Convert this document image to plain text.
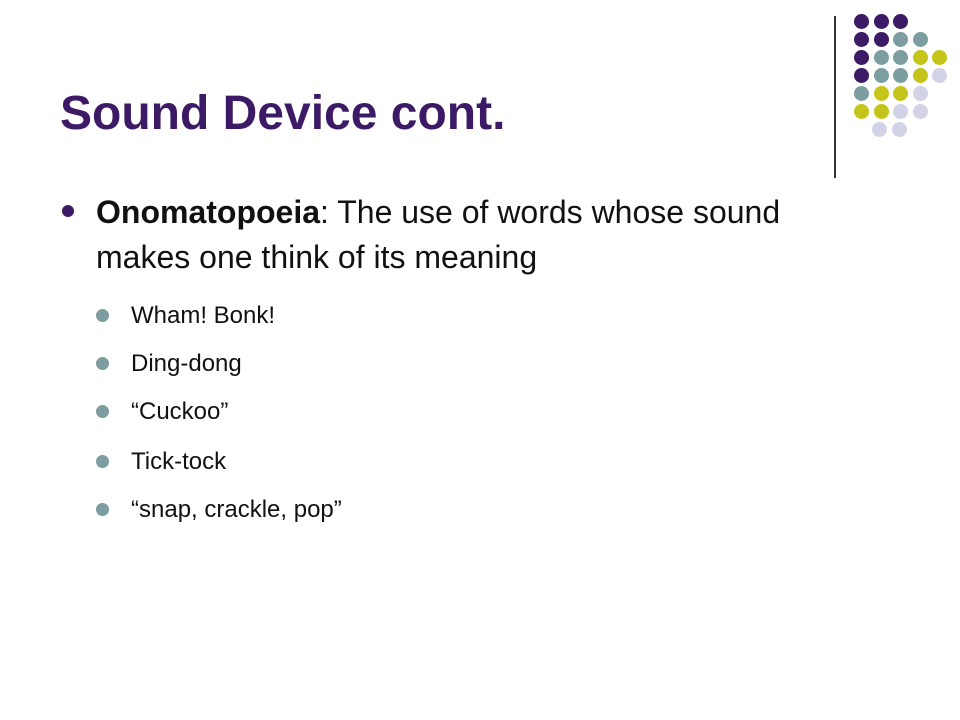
Sound Device cont.
Onomatopoeia: The use of words whose sound makes one think of its meaning
Wham! Bonk!
Ding-dong
“Cuckoo”
Tick-tock
“snap, crackle, pop”
